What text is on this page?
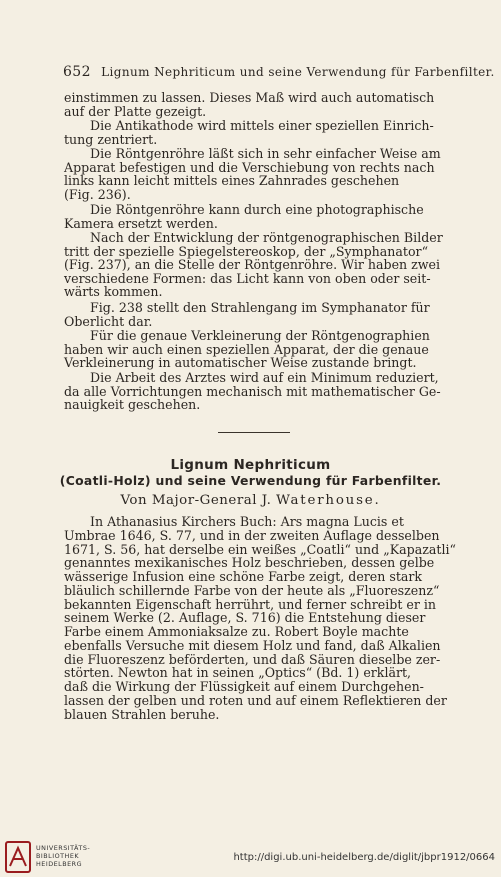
652 Lignum Nephriticum und seine Verwendung für Farbenfilter.
einstimmen zu lassen. Dieses Maß wird auch automatisch
auf der Platte gezeigt.
Die Antikathode wird mittels einer speziellen Einrich-
tung zentriert.
Die Röntgenröhre läßt sich in sehr einfacher Weise am
Apparat befestigen und die Verschiebung von rechts nach
links kann leicht mittels eines Zahnrades geschehen
(Fig. 236).
Die Röntgenröhre kann durch eine photographische
Kamera ersetzt werden.
Nach der Entwicklung der röntgenographischen Bilder
tritt der spezielle Spiegelstereoskop, der „Symphanator“
(Fig. 237), an die Stelle der Röntgenröhre. Wir haben zwei
verschiedene Formen: das Licht kann von oben oder seit-
wärts kommen.
Fig. 238 stellt den Strahlengang im Symphanator für
Oberlicht dar.
Für die genaue Verkleinerung der Röntgenographien
haben wir auch einen speziellen Apparat, der die genaue
Verkleinerung in automatischer Weise zustande bringt.
Die Arbeit des Arztes wird auf ein Minimum reduziert,
da alle Vorrichtungen mechanisch mit mathematischer Ge-
nauigkeit geschehen.
Lignum Nephriticum
(Coatli-Holz) und seine Verwendung für Farbenfilter.
Von Major-General J. Waterhouse.
In Athanasius Kirchers Buch: Ars magna Lucis et
Umbrae 1646, S. 77, und in der zweiten Auflage desselben
1671, S. 56, hat derselbe ein weißes „Coatli“ und „Kapazatli“
genanntes mexikanisches Holz beschrieben, dessen gelbe
wässerige Infusion eine schöne Farbe zeigt, deren stark
bläulich schillernde Farbe von der heute als „Fluoreszenz“
bekannten Eigenschaft herrührt, und ferner schreibt er in
seinem Werke (2. Auflage, S. 716) die Entstehung dieser
Farbe einem Ammoniaksalze zu. Robert Boyle machte
ebenfalls Versuche mit diesem Holz und fand, daß Alkalien
die Fluoreszenz beförderten, und daß Säuren dieselbe zer-
störten. Newton hat in seinen „Optics“ (Bd. 1) erklärt,
daß die Wirkung der Flüssigkeit auf einem Durchgehen-
lassen der gelben und roten und auf einem Reflektieren der
blauen Strahlen beruhe.
UNIVERSITÄTS-
BIBLIOTHEK
HEIDELBERG
http://digi.ub.uni-heidelberg.de/diglit/jbpr1912/0664
